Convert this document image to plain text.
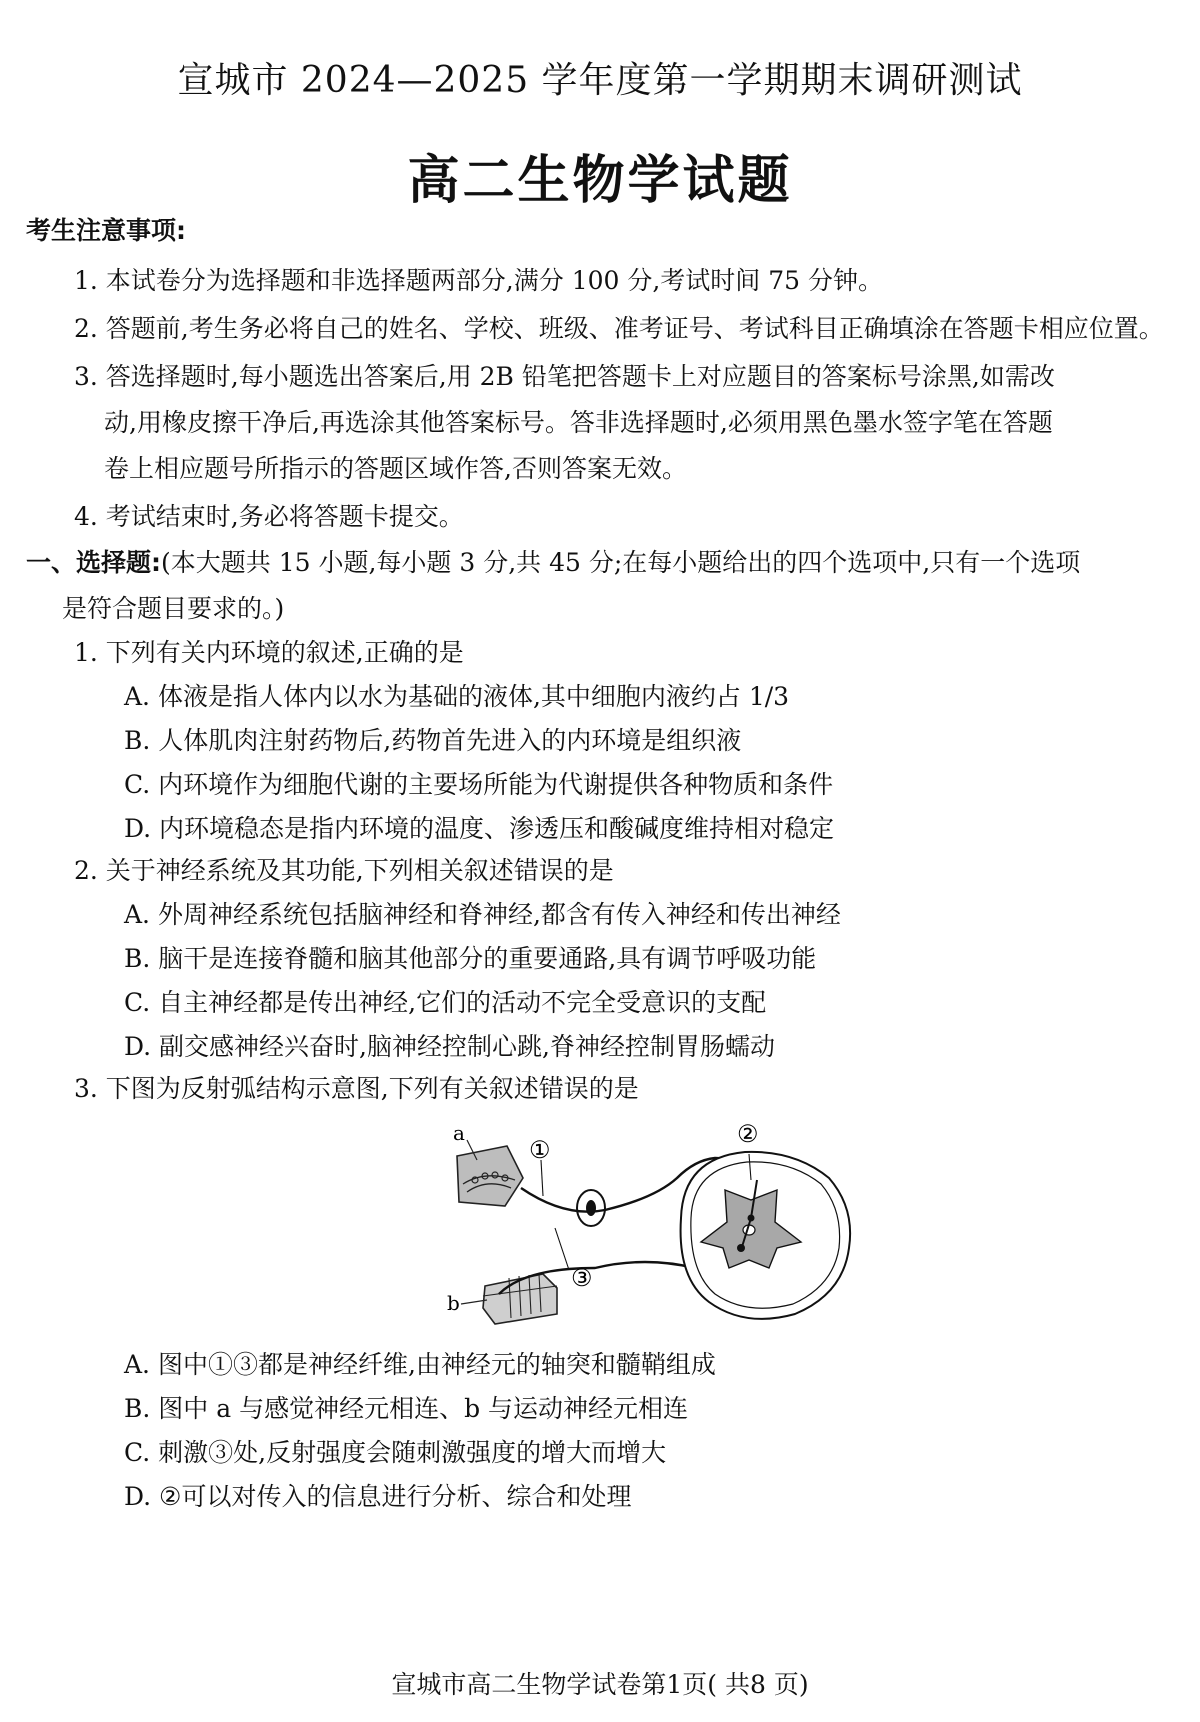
宣城市 2024—2025 学年度第一学期期末调研测试
高二生物学试题
考生注意事项:
1. 本试卷分为选择题和非选择题两部分,满分 100 分,考试时间 75 分钟。
2. 答题前,考生务必将自己的姓名、学校、班级、准考证号、考试科目正确填涂在答题卡相应位置。
3. 答选择题时,每小题选出答案后,用 2B 铅笔把答题卡上对应题目的答案标号涂黑,如需改
动,用橡皮擦干净后,再选涂其他答案标号。答非选择题时,必须用黑色墨水签字笔在答题
卷上相应题号所指示的答题区域作答,否则答案无效。
4. 考试结束时,务必将答题卡提交。
一、选择题:(本大题共 15 小题,每小题 3 分,共 45 分;在每小题给出的四个选项中,只有一个选项
是符合题目要求的。)
1. 下列有关内环境的叙述,正确的是
A. 体液是指人体内以水为基础的液体,其中细胞内液约占 1/3
B. 人体肌肉注射药物后,药物首先进入的内环境是组织液
C. 内环境作为细胞代谢的主要场所能为代谢提供各种物质和条件
D. 内环境稳态是指内环境的温度、渗透压和酸碱度维持相对稳定
2. 关于神经系统及其功能,下列相关叙述错误的是
A. 外周神经系统包括脑神经和脊神经,都含有传入神经和传出神经
B. 脑干是连接脊髓和脑其他部分的重要通路,具有调节呼吸功能
C. 自主神经都是传出神经,它们的活动不完全受意识的支配
D. 副交感神经兴奋时,脑神经控制心跳,脊神经控制胃肠蠕动
3. 下图为反射弧结构示意图,下列有关叙述错误的是
a
b
①
②
③
A. 图中①③都是神经纤维,由神经元的轴突和髓鞘组成
B. 图中 a 与感觉神经元相连、b 与运动神经元相连
C. 刺激③处,反射强度会随刺激强度的增大而增大
D. ②可以对传入的信息进行分析、综合和处理
宣城市高二生物学试卷第1页( 共8 页)
